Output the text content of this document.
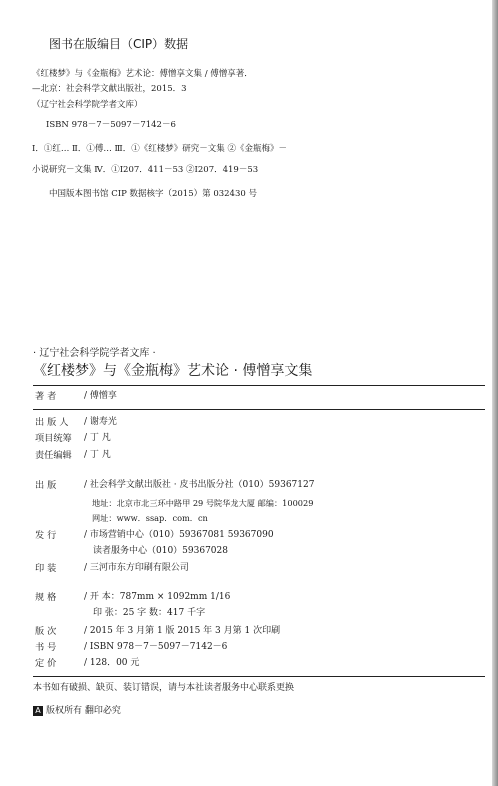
图书在版编目（CIP）数据
《红楼梦》与《金瓶梅》艺术论：傅憎享文集 / 傅憎享著．
—北京：社会科学文献出版社，2015．3
（辽宁社会科学院学者文库）
ISBN 978－7－5097－7142－6
Ⅰ．①红… Ⅱ．①傅… Ⅲ．①《红楼梦》研究－文集 ②《金瓶梅》－
小说研究－文集 Ⅳ．①I207．411－53 ②I207．419－53
中国版本图书馆 CIP 数据核字（2015）第 032430 号
· 辽宁社会科学院学者文库 ·
《红楼梦》与《金瓶梅》艺术论 · 傅憎享文集
著 者	/ 傅憎享
出 版 人 / 谢寿光
项目统筹 / 丁 凡
责任编辑 / 丁 凡
出 版	/ 社会科学文献出版社 · 皮书出版分社（010）59367127
地址：北京市北三环中路甲 29 号院华龙大厦 邮编：100029
网址：www．ssap．com．cn
发 行	/ 市场营销中心（010）59367081 59367090
读者服务中心（010）59367028
印 装	/ 三河市东方印刷有限公司
规 格	/ 开 本：787mm × 1092mm 1/16
印 张：25 字 数：417 千字
版 次	/ 2015 年 3 月第 1 版 2015 年 3 月第 1 次印刷
书 号	/ ISBN 978－7－5097－7142－6
定 价	/ 128．00 元
本书如有破损、缺页、装订错误，请与本社读者服务中心联系更换
A 版权所有 翻印必究
